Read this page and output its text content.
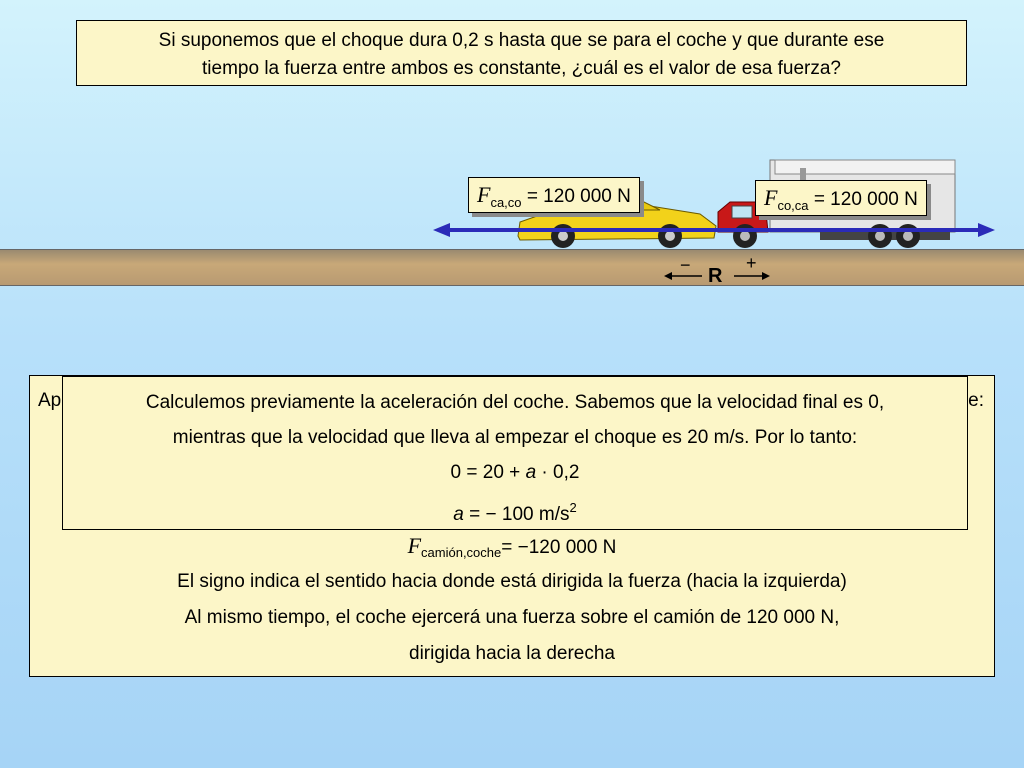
Si suponemos que el choque dura 0,2 s hasta que se para el coche y que durante ese
tiempo la fuerza entre ambos es constante, ¿cuál es el valor de esa fuerza?
$F_{ca,co} = 120$ 000 N	$F_{co,ca} = 120$ 000 N
−	+
R
Ap	e:
$F_{camión,coche}= -120$ 000 N
El signo indica el sentido hacia donde está dirigida la fuerza (hacia la izquierda)
Al mismo tiempo, el coche ejercerá una fuerza sobre el camión de 120 000 N,
dirigida hacia la derecha
Calculemos previamente la aceleración del coche. Sabemos que la velocidad final es 0,
mientras que la velocidad que lleva al empezar el choque es 20 m/s. Por lo tanto:
0 = 20 + a · 0,2
a = − 100 $m/s^2$
